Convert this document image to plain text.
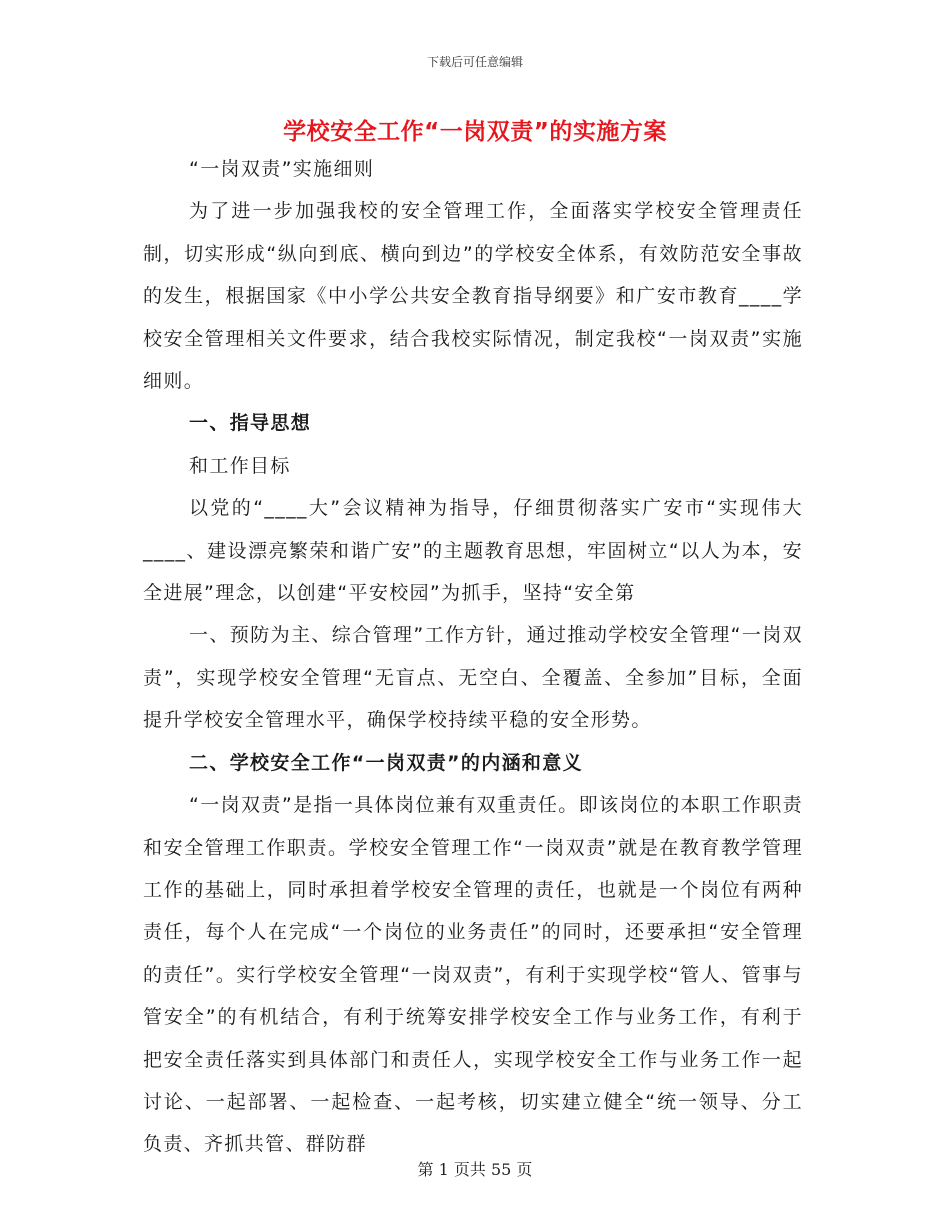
下载后可任意编辑
学校安全工作“一岗双责”的实施方案

“一岗双责”实施细则

为了进一步加强我校的安全管理工作，全面落实学校安全管理责任制，切实形成“纵向到底、横向到边”的学校安全体系，有效防范安全事故的发生，根据国家《中小学公共安全教育指导纲要》和广安市教育____学校安全管理相关文件要求，结合我校实际情况，制定我校“一岗双责”实施细则。

一、指导思想

和工作目标

以党的“____大”会议精神为指导，仔细贯彻落实广安市“实现伟大____、建设漂亮繁荣和谐广安”的主题教育思想，牢固树立“以人为本，安全进展”理念，以创建“平安校园”为抓手，坚持“安全第

一、预防为主、综合管理”工作方针，通过推动学校安全管理“一岗双责”，实现学校安全管理“无盲点、无空白、全覆盖、全参加”目标，全面提升学校安全管理水平，确保学校持续平稳的安全形势。

二、学校安全工作“一岗双责”的内涵和意义

“一岗双责”是指一具体岗位兼有双重责任。即该岗位的本职工作职责和安全管理工作职责。学校安全管理工作“一岗双责”就是在教育教学管理工作的基础上，同时承担着学校安全管理的责任，也就是一个岗位有两种责任，每个人在完成“一个岗位的业务责任”的同时，还要承担“安全管理的责任”。实行学校安全管理“一岗双责”，有利于实现学校“管人、管事与管安全”的有机结合，有利于统筹安排学校安全工作与业务工作，有利于把安全责任落实到具体部门和责任人，实现学校安全工作与业务工作一起讨论、一起部署、一起检查、一起考核，切实建立健全“统一领导、分工负责、齐抓共管、群防群

第 1 页共 55 页
